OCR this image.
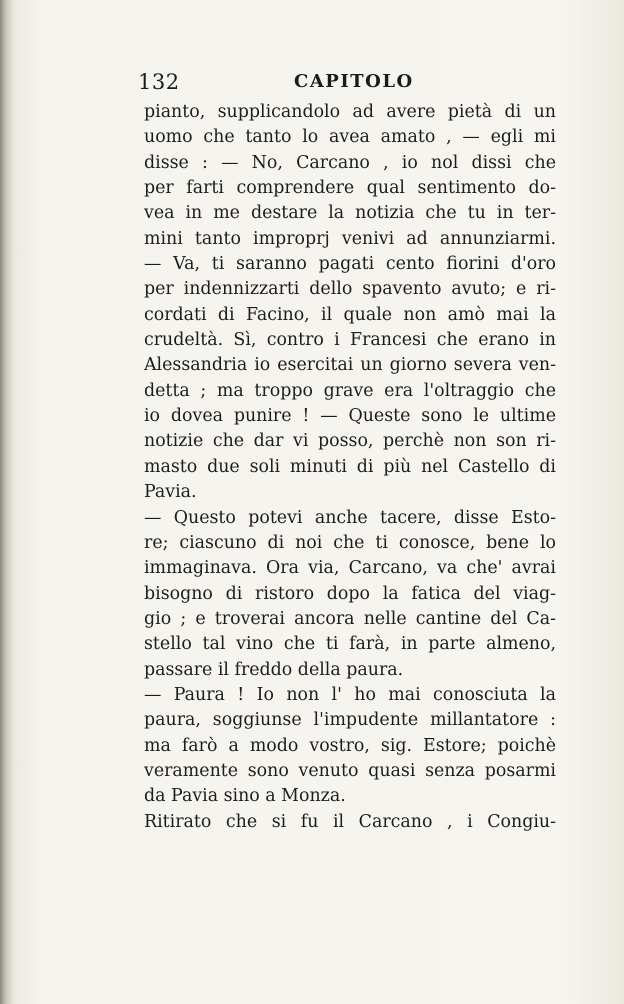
132	CAPITOLO
pianto, supplicandolo ad avere pietà di un
uomo che tanto lo avea amato , — egli mi
disse : — No, Carcano , io nol dissi che
per farti comprendere qual sentimento do-
vea in me destare la notizia che tu in ter-
mini tanto improprj venivi ad annunziarmi.
— Va, ti saranno pagati cento fiorini d'oro
per indennizzarti dello spavento avuto; e ri-
cordati di Facino, il quale non amò mai la
crudeltà. Sì, contro i Francesi che erano in
Alessandria io esercitai un giorno severa ven-
detta ; ma troppo grave era l'oltraggio che
io dovea punire ! — Queste sono le ultime
notizie che dar vi posso, perchè non son ri-
masto due soli minuti di più nel Castello di
Pavia.
— Questo potevi anche tacere, disse Esto-
re; ciascuno di noi che ti conosce, bene lo
immaginava. Ora via, Carcano, va che' avrai
bisogno di ristoro dopo la fatica del viag-
gio ; e troverai ancora nelle cantine del Ca-
stello tal vino che ti farà, in parte almeno,
passare il freddo della paura.
— Paura ! Io non l' ho mai conosciuta la
paura, soggiunse l'impudente millantatore :
ma farò a modo vostro, sig. Estore; poichè
veramente sono venuto quasi senza posarmi
da Pavia sino a Monza.
Ritirato che si fu il Carcano , i Congiu-
